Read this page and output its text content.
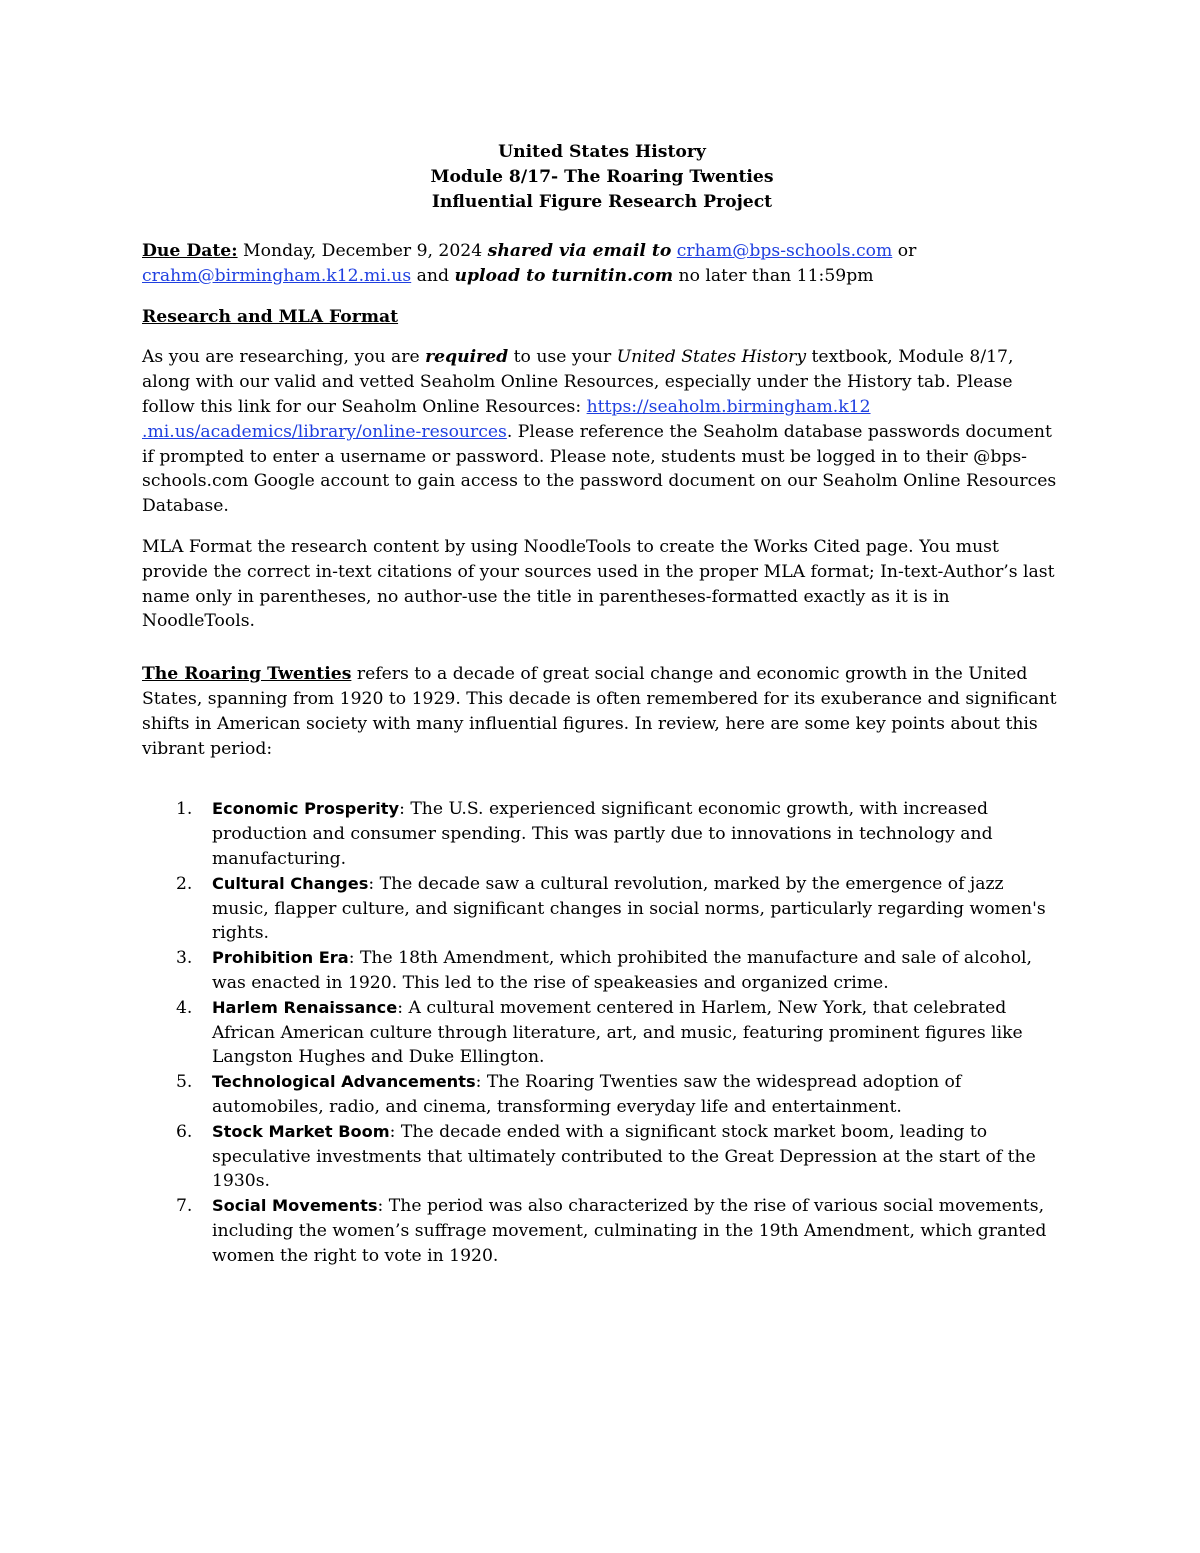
United States History
Module 8/17- The Roaring Twenties
Influential Figure Research Project

Due Date: Monday, December 9, 2024 shared via email to crham@bps-schools.com or crahm@birmingham.k12.mi.us and upload to turnitin.com no later than 11:59pm

Research and MLA Format

As you are researching, you are required to use your United States History textbook, Module 8/17, along with our valid and vetted Seaholm Online Resources, especially under the History tab. Please follow this link for our Seaholm Online Resources: https://seaholm.birmingham.k12 .mi.us/academics/library/online-resources. Please reference the Seaholm database passwords document if prompted to enter a username or password. Please note, students must be logged in to their @bps-schools.com Google account to gain access to the password document on our Seaholm Online Resources Database.

MLA Format the research content by using NoodleTools to create the Works Cited page. You must provide the correct in-text citations of your sources used in the proper MLA format; In-text-Author’s last name only in parentheses, no author-use the title in parentheses-formatted exactly as it is in NoodleTools.

The Roaring Twenties refers to a decade of great social change and economic growth in the United States, spanning from 1920 to 1929. This decade is often remembered for its exuberance and significant shifts in American society with many influential figures. In review, here are some key points about this vibrant period:

1. Economic Prosperity: The U.S. experienced significant economic growth, with increased production and consumer spending. This was partly due to innovations in technology and manufacturing.
2. Cultural Changes: The decade saw a cultural revolution, marked by the emergence of jazz music, flapper culture, and significant changes in social norms, particularly regarding women's rights.
3. Prohibition Era: The 18th Amendment, which prohibited the manufacture and sale of alcohol, was enacted in 1920. This led to the rise of speakeasies and organized crime.
4. Harlem Renaissance: A cultural movement centered in Harlem, New York, that celebrated African American culture through literature, art, and music, featuring prominent figures like Langston Hughes and Duke Ellington.
5. Technological Advancements: The Roaring Twenties saw the widespread adoption of automobiles, radio, and cinema, transforming everyday life and entertainment.
6. Stock Market Boom: The decade ended with a significant stock market boom, leading to speculative investments that ultimately contributed to the Great Depression at the start of the 1930s.
7. Social Movements: The period was also characterized by the rise of various social movements, including the women’s suffrage movement, culminating in the 19th Amendment, which granted women the right to vote in 1920.
